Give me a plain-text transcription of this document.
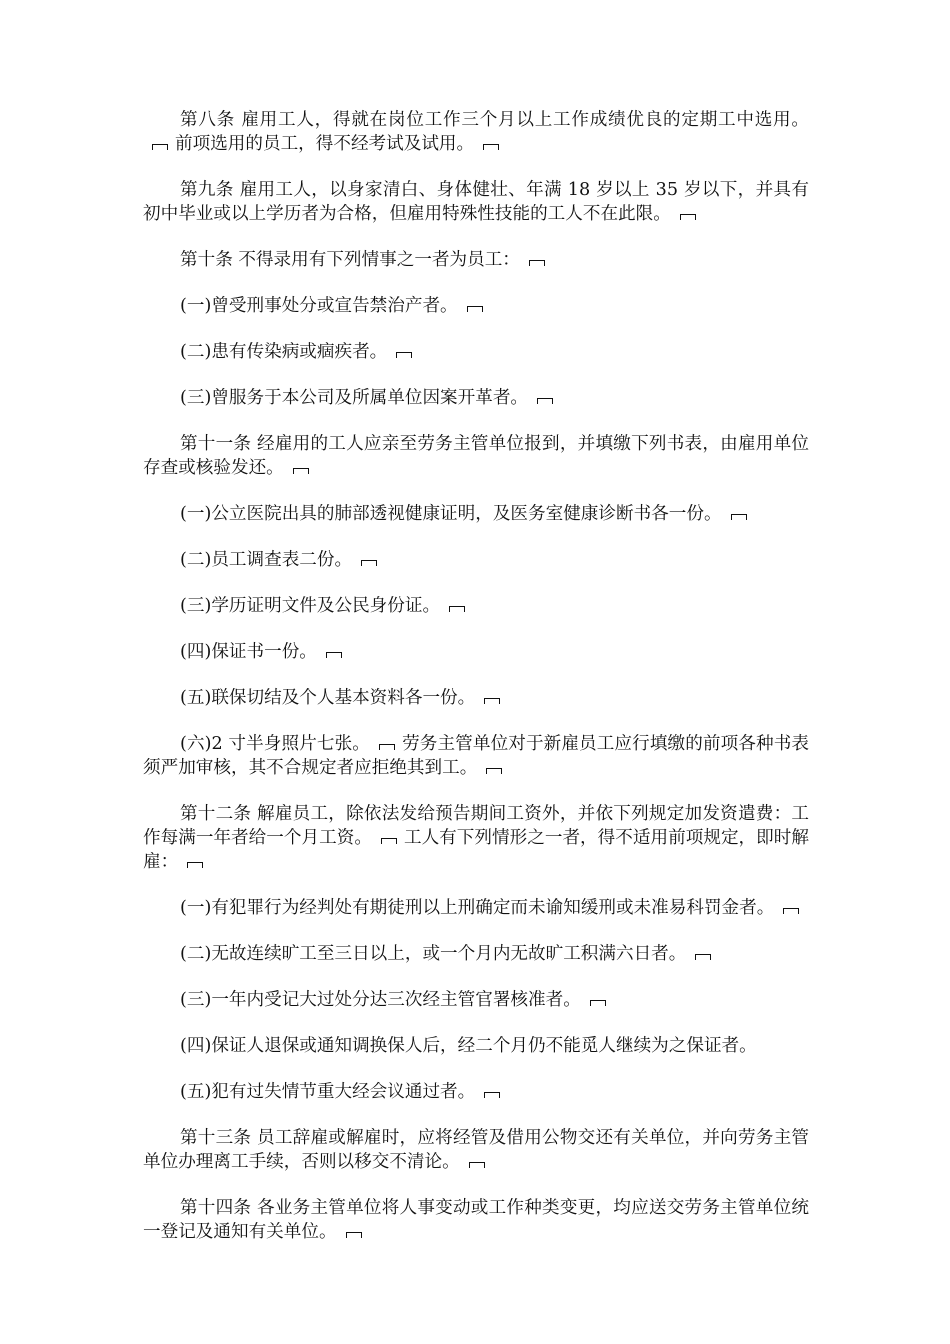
第八条 雇用工人，得就在岗位工作三个月以上工作成绩优良的定期工中选用。前项选用的员工，得不经考试及试用。

第九条 雇用工人，以身家清白、身体健壮、年满 18 岁以上 35 岁以下，并具有初中毕业或以上学历者为合格，但雇用特殊性技能的工人不在此限。

第十条 不得录用有下列情事之一者为员工：

(一)曾受刑事处分或宣告禁治产者。

(二)患有传染病或痼疾者。

(三)曾服务于本公司及所属单位因案开革者。

第十一条 经雇用的工人应亲至劳务主管单位报到，并填缴下列书表，由雇用单位存查或核验发还。

(一)公立医院出具的肺部透视健康证明，及医务室健康诊断书各一份。

(二)员工调查表二份。

(三)学历证明文件及公民身份证。

(四)保证书一份。

(五)联保切结及个人基本资料各一份。

(六)2 寸半身照片七张。 劳务主管单位对于新雇员工应行填缴的前项各种书表须严加审核，其不合规定者应拒绝其到工。

第十二条 解雇员工，除依法发给预告期间工资外，并依下列规定加发资遣费：工作每满一年者给一个月工资。 工人有下列情形之一者，得不适用前项规定，即时解雇：

(一)有犯罪行为经判处有期徒刑以上刑确定而未谕知缓刑或未准易科罚金者。

(二)无故连续旷工至三日以上，或一个月内无故旷工积满六日者。

(三)一年内受记大过处分达三次经主管官署核准者。

(四)保证人退保或通知调换保人后，经二个月仍不能觅人继续为之保证者。

(五)犯有过失情节重大经会议通过者。

第十三条 员工辞雇或解雇时，应将经管及借用公物交还有关单位，并向劳务主管单位办理离工手续，否则以移交不清论。

第十四条 各业务主管单位将人事变动或工作种类变更，均应送交劳务主管单位统一登记及通知有关单位。
